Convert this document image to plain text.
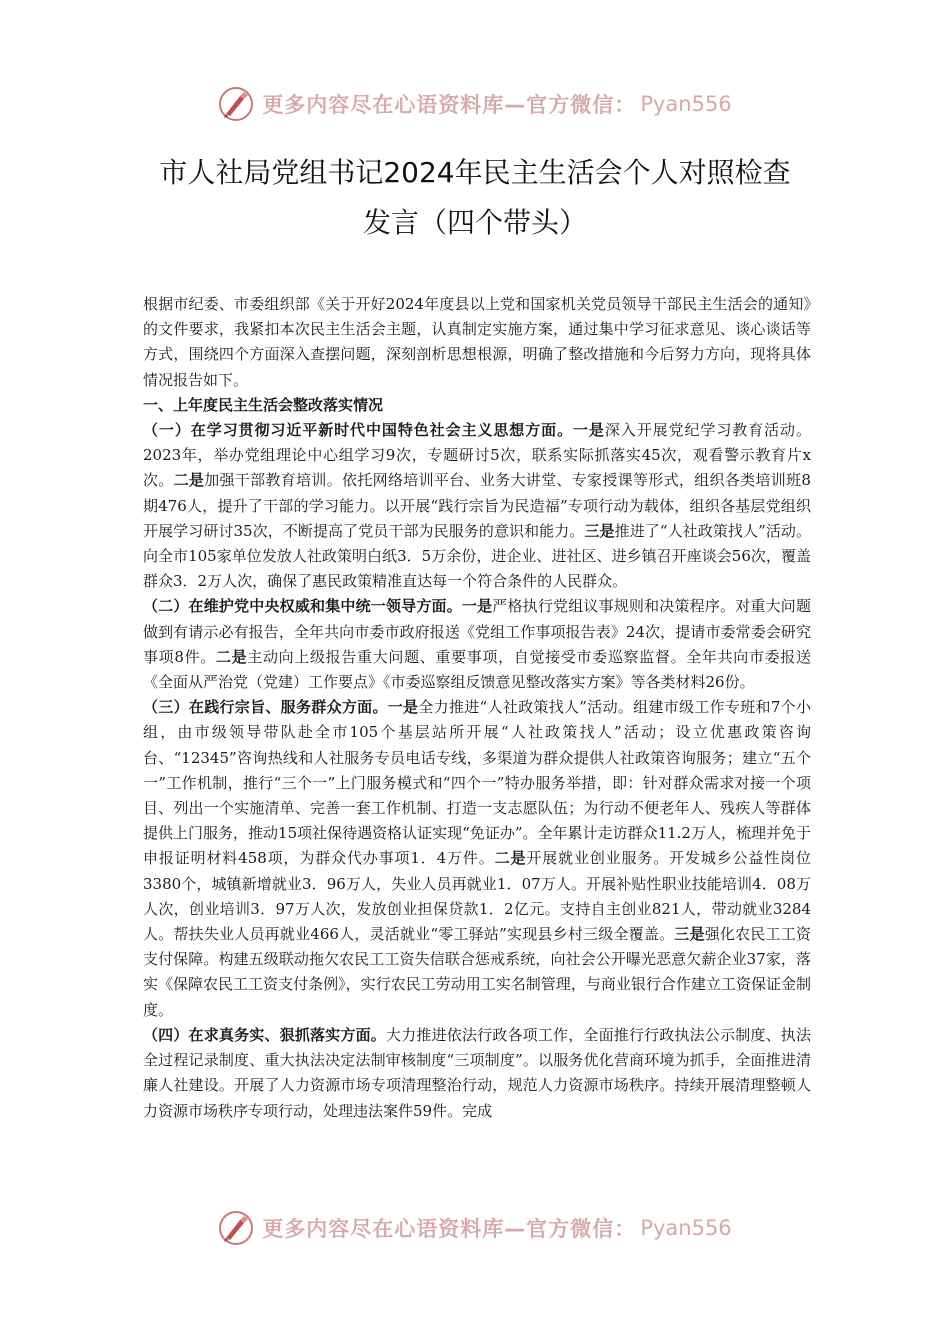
更多内容尽在心语资料库—官方微信： Pyan556
市人社局党组书记2024年民主生活会个人对照检查
发言（四个带头）

根据市纪委、市委组织部《关于开好2024年度县以上党和国家机关党员领导干部民主生活会的通知》的文件要求，我紧扣本次民主生活会主题，认真制定实施方案，通过集中学习征求意见、谈心谈话等方式，围绕四个方面深入查摆问题，深刻剖析思想根源，明确了整改措施和今后努力方向，现将具体情况报告如下。

一、上年度民主生活会整改落实情况

（一）在学习贯彻习近平新时代中国特色社会主义思想方面。一是深入开展党纪学习教育活动。2023年，举办党组理论中心组学习9次，专题研讨5次，联系实际抓落实45次，观看警示教育片x次。二是加强干部教育培训。依托网络培训平台、业务大讲堂、专家授课等形式，组织各类培训班8期476人，提升了干部的学习能力。以开展“践行宗旨为民造福”专项行动为载体，组织各基层党组织开展学习研讨35次，不断提高了党员干部为民服务的意识和能力。三是推进了“人社政策找人”活动。向全市105家单位发放人社政策明白纸3．5万余份，进企业、进社区、进乡镇召开座谈会56次，覆盖群众3．2万人次，确保了惠民政策精准直达每一个符合条件的人民群众。

（二）在维护党中央权威和集中统一领导方面。一是严格执行党组议事规则和决策程序。对重大问题做到有请示必有报告，全年共向市委市政府报送《党组工作事项报告表》24次，提请市委常委会研究事项8件。二是主动向上级报告重大问题、重要事项，自觉接受市委巡察监督。全年共向市委报送《全面从严治党（党建）工作要点》《市委巡察组反馈意见整改落实方案》等各类材料26份。

（三）在践行宗旨、服务群众方面。一是全力推进“人社政策找人”活动。组建市级工作专班和7个小组，由市级领导带队赴全市105个基层站所开展“人社政策找人”活动；设立优惠政策咨询台、“12345”咨询热线和人社服务专员电话专线，多渠道为群众提供人社政策咨询服务；建立“五个一”工作机制，推行“三个一”上门服务模式和“四个一”特办服务举措，即：针对群众需求对接一个项目、列出一个实施清单、完善一套工作机制、打造一支志愿队伍；为行动不便老年人、残疾人等群体提供上门服务，推动15项社保待遇资格认证实现“免证办”。全年累计走访群众11.2万人，梳理并免于申报证明材料458项，为群众代办事项1．4万件。二是开展就业创业服务。开发城乡公益性岗位3380个，城镇新增就业3．96万人，失业人员再就业1．07万人。开展补贴性职业技能培训4．08万人次，创业培训3．97万人次，发放创业担保贷款1．2亿元。支持自主创业821人，带动就业3284人。帮扶失业人员再就业466人，灵活就业“零工驿站”实现县乡村三级全覆盖。三是强化农民工工资支付保障。构建五级联动拖欠农民工工资失信联合惩戒系统，向社会公开曝光恶意欠薪企业37家，落实《保障农民工工资支付条例》，实行农民工劳动用工实名制管理，与商业银行合作建立工资保证金制度。

（四）在求真务实、狠抓落实方面。大力推进依法行政各项工作，全面推行行政执法公示制度、执法全过程记录制度、重大执法决定法制审核制度“三项制度”。以服务优化营商环境为抓手，全面推进清廉人社建设。开展了人力资源市场专项清理整治行动，规范人力资源市场秩序。持续开展清理整顿人力资源市场秩序专项行动，处理违法案件59件。完成

更多内容尽在心语资料库—官方微信： Pyan556
